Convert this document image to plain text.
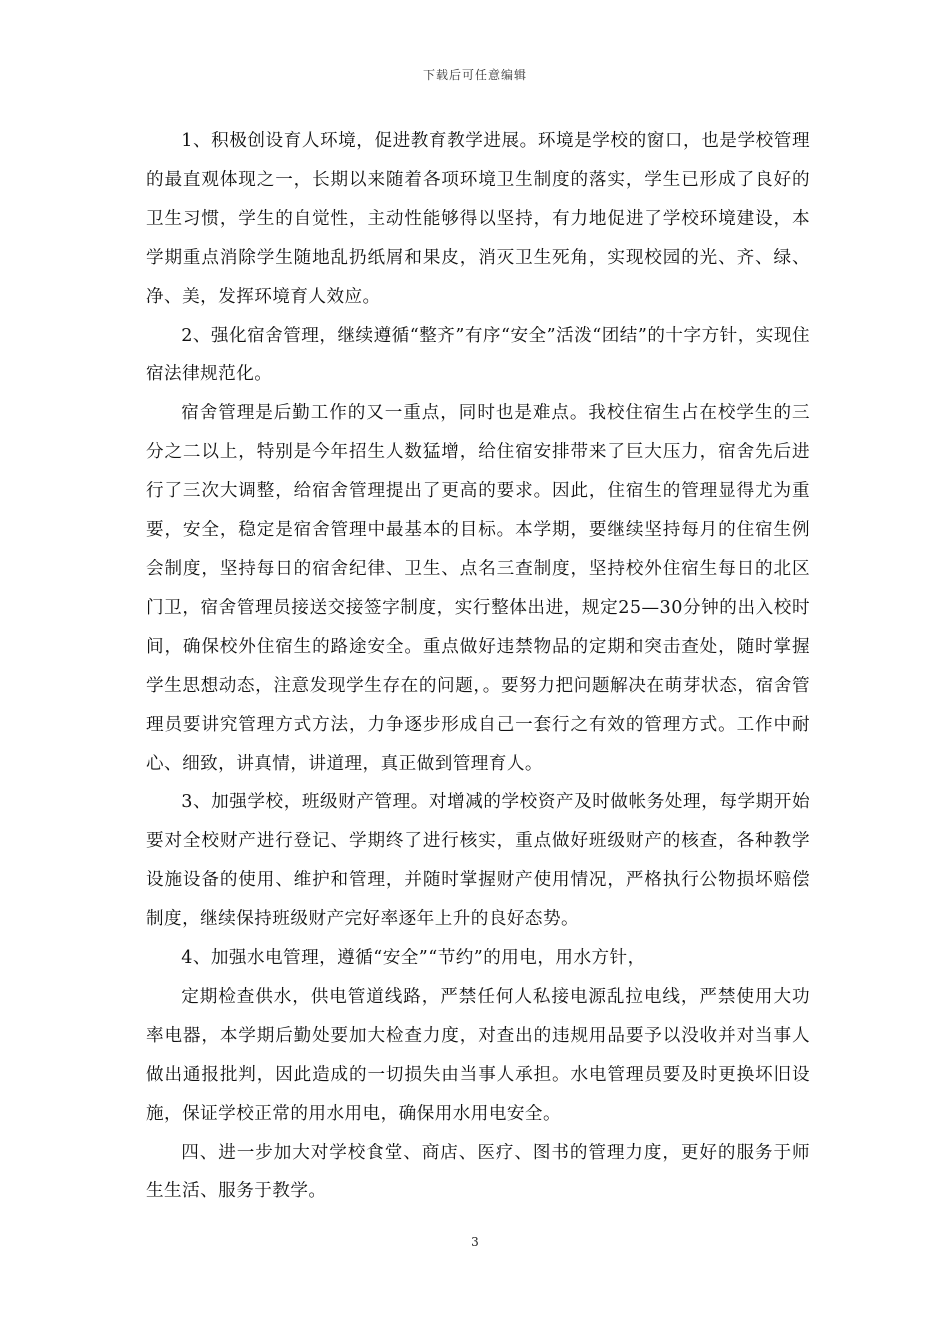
下载后可任意编辑

1、积极创设育人环境，促进教育教学进展。环境是学校的窗口，也是学校管理的最直观体现之一，长期以来随着各项环境卫生制度的落实，学生已形成了良好的卫生习惯，学生的自觉性，主动性能够得以坚持，有力地促进了学校环境建设，本学期重点消除学生随地乱扔纸屑和果皮，消灭卫生死角，实现校园的光、齐、绿、净、美，发挥环境育人效应。

2、强化宿舍管理，继续遵循“整齐”有序“安全”活泼“团结”的十字方针，实现住宿法律规范化。

宿舍管理是后勤工作的又一重点，同时也是难点。我校住宿生占在校学生的三分之二以上，特别是今年招生人数猛增，给住宿安排带来了巨大压力，宿舍先后进行了三次大调整，给宿舍管理提出了更高的要求。因此，住宿生的管理显得尤为重要，安全，稳定是宿舍管理中最基本的目标。本学期，要继续坚持每月的住宿生例会制度，坚持每日的宿舍纪律、卫生、点名三查制度，坚持校外住宿生每日的北区门卫，宿舍管理员接送交接签字制度，实行整体出进，规定25—30分钟的出入校时间，确保校外住宿生的路途安全。重点做好违禁物品的定期和突击查处，随时掌握学生思想动态，注意发现学生存在的问题，。要努力把问题解决在萌芽状态，宿舍管理员要讲究管理方式方法，力争逐步形成自己一套行之有效的管理方式。工作中耐心、细致，讲真情，讲道理，真正做到管理育人。

3、加强学校，班级财产管理。对增减的学校资产及时做帐务处理，每学期开始要对全校财产进行登记、学期终了进行核实，重点做好班级财产的核查，各种教学设施设备的使用、维护和管理，并随时掌握财产使用情况，严格执行公物损坏赔偿制度，继续保持班级财产完好率逐年上升的良好态势。

4、加强水电管理，遵循“安全”“节约”的用电，用水方针，

定期检查供水，供电管道线路，严禁任何人私接电源乱拉电线，严禁使用大功率电器，本学期后勤处要加大检查力度，对查出的违规用品要予以没收并对当事人做出通报批判，因此造成的一切损失由当事人承担。水电管理员要及时更换坏旧设施，保证学校正常的用水用电，确保用水用电安全。

四、进一步加大对学校食堂、商店、医疗、图书的管理力度，更好的服务于师生生活、服务于教学。

3
